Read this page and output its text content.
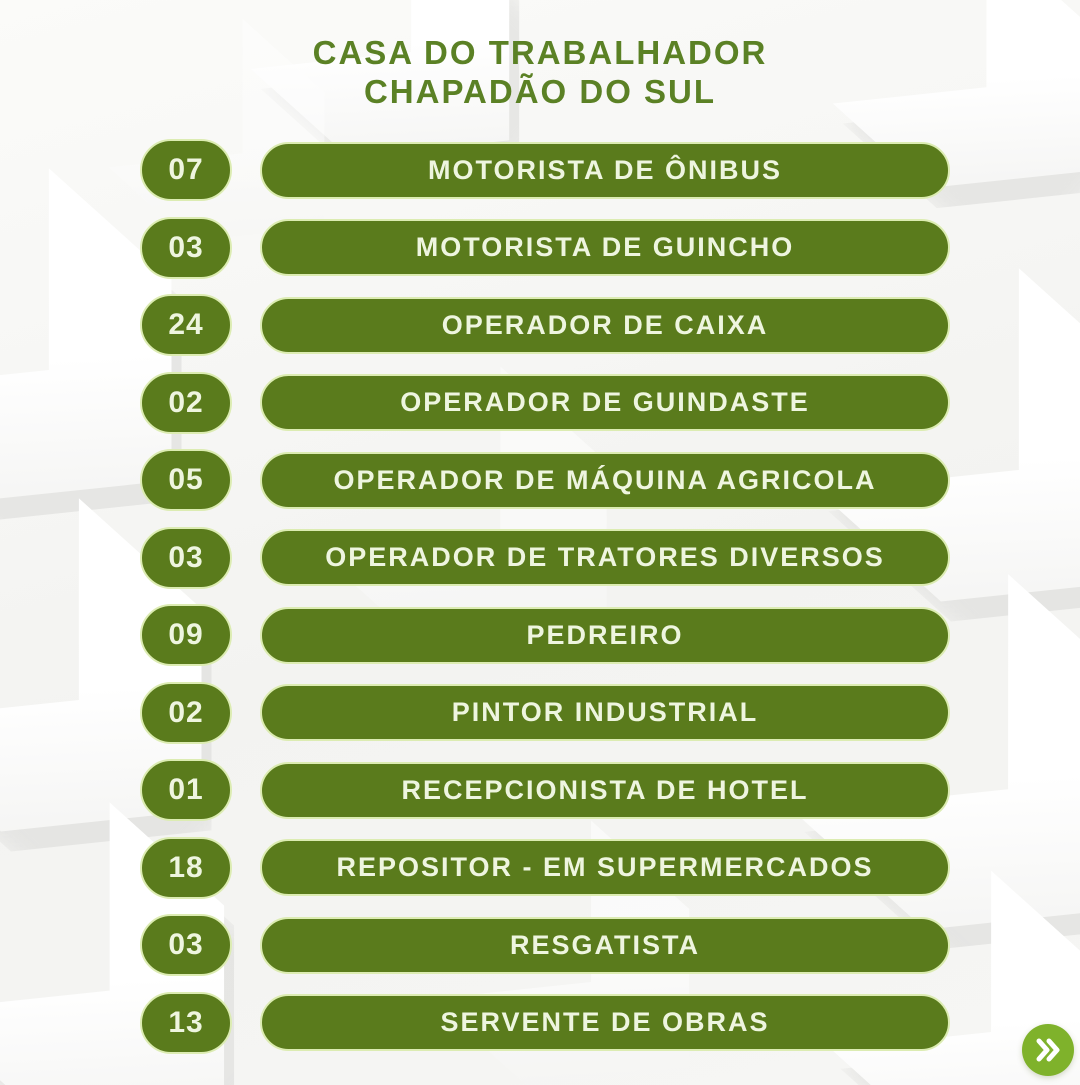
CASA DO TRABALHADOR
CHAPADÃO DO SUL
07	MOTORISTA DE ÔNIBUS
03	MOTORISTA DE GUINCHO
24	OPERADOR DE CAIXA
02	OPERADOR DE GUINDASTE
05	OPERADOR DE MÁQUINA AGRICOLA
03	OPERADOR DE TRATORES DIVERSOS
09	PEDREIRO
02	PINTOR INDUSTRIAL
01	RECEPCIONISTA DE HOTEL
18	REPOSITOR - EM SUPERMERCADOS
03	RESGATISTA
13	SERVENTE DE OBRAS
